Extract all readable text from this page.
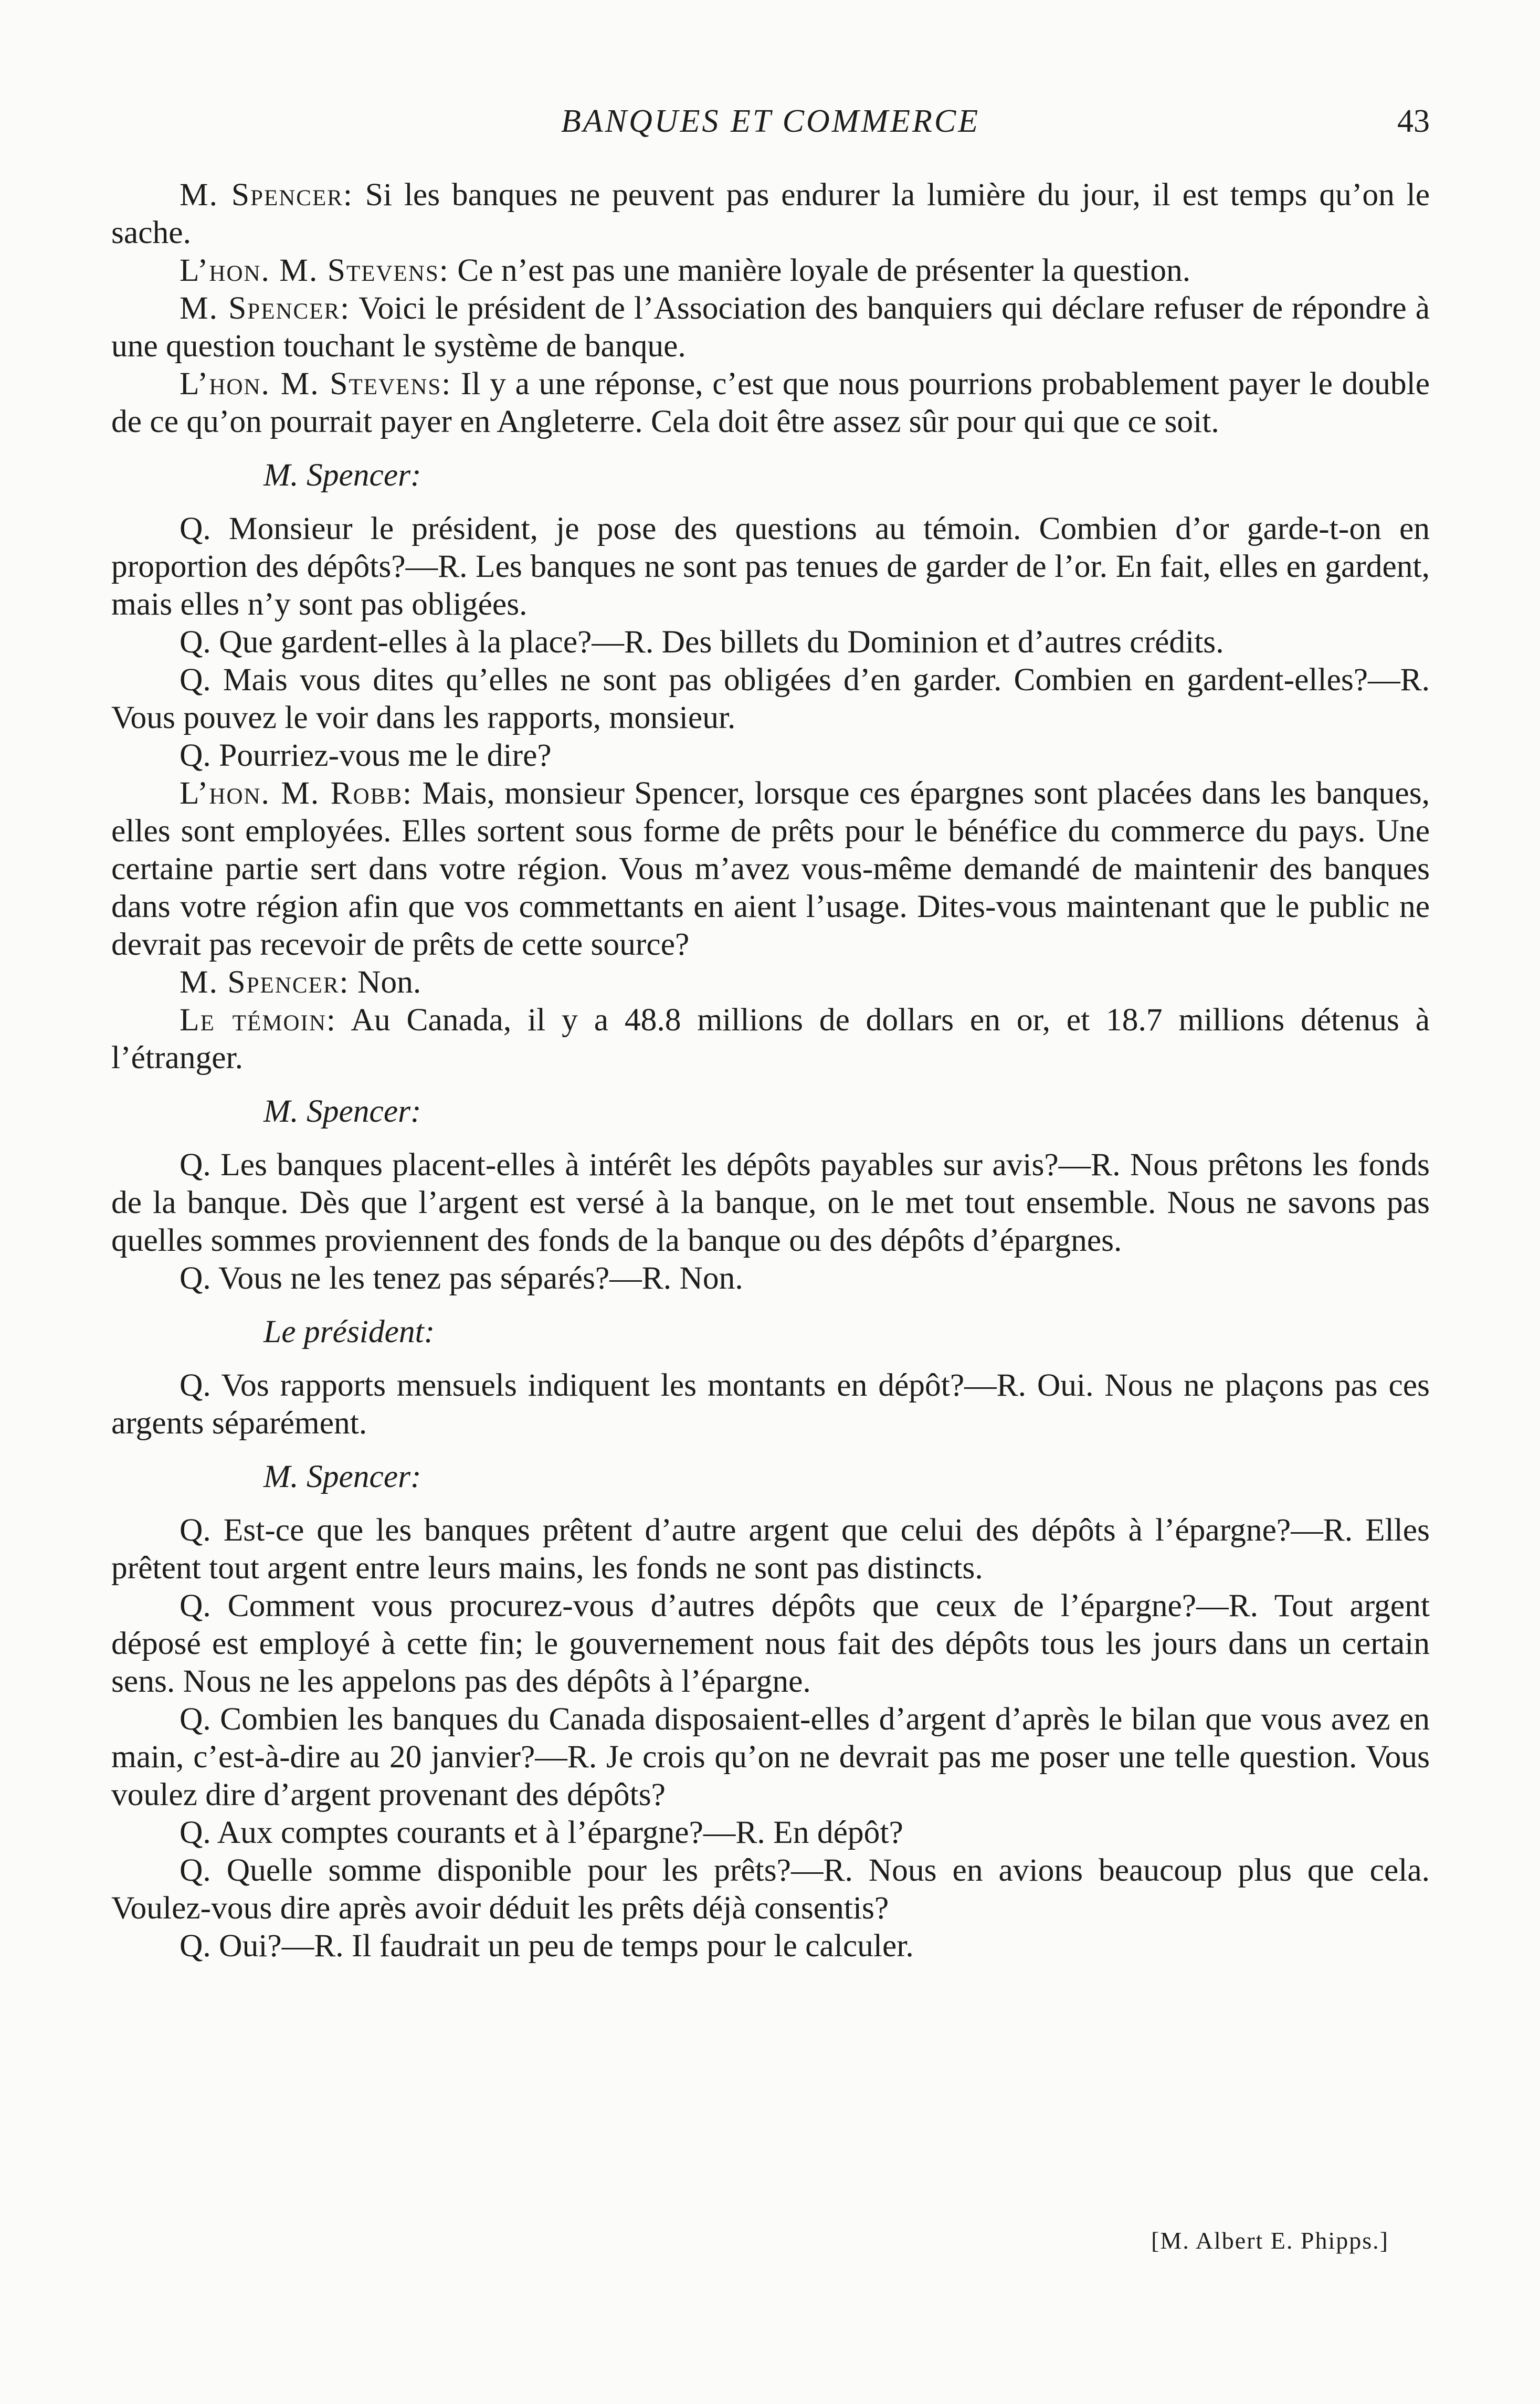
BANQUES ET COMMERCE	43

M. Spencer: Si les banques ne peuvent pas endurer la lumière du jour, il est temps qu’on le sache.

L’hon. M. Stevens: Ce n’est pas une manière loyale de présenter la question.

M. Spencer: Voici le président de l’Association des banquiers qui déclare refuser de répondre à une question touchant le système de banque.

L’hon. M. Stevens: Il y a une réponse, c’est que nous pourrions probablement payer le double de ce qu’on pourrait payer en Angleterre. Cela doit être assez sûr pour qui que ce soit.

M. Spencer:

Q. Monsieur le président, je pose des questions au témoin. Combien d’or garde-t-on en proportion des dépôts?—R. Les banques ne sont pas tenues de garder de l’or. En fait, elles en gardent, mais elles n’y sont pas obligées.

Q. Que gardent-elles à la place?—R. Des billets du Dominion et d’autres crédits.

Q. Mais vous dites qu’elles ne sont pas obligées d’en garder. Combien en gardent-elles?—R. Vous pouvez le voir dans les rapports, monsieur.

Q. Pourriez-vous me le dire?

L’hon. M. Robb: Mais, monsieur Spencer, lorsque ces épargnes sont placées dans les banques, elles sont employées. Elles sortent sous forme de prêts pour le bénéfice du commerce du pays. Une certaine partie sert dans votre région. Vous m’avez vous-même demandé de maintenir des banques dans votre région afin que vos commettants en aient l’usage. Dites-vous maintenant que le public ne devrait pas recevoir de prêts de cette source?

M. Spencer: Non.

Le témoin: Au Canada, il y a 48.8 millions de dollars en or, et 18.7 millions détenus à l’étranger.

M. Spencer:

Q. Les banques placent-elles à intérêt les dépôts payables sur avis?—R. Nous prêtons les fonds de la banque. Dès que l’argent est versé à la banque, on le met tout ensemble. Nous ne savons pas quelles sommes proviennent des fonds de la banque ou des dépôts d’épargnes.

Q. Vous ne les tenez pas séparés?—R. Non.

Le président:

Q. Vos rapports mensuels indiquent les montants en dépôt?—R. Oui. Nous ne plaçons pas ces argents séparément.

M. Spencer:

Q. Est-ce que les banques prêtent d’autre argent que celui des dépôts à l’épargne?—R. Elles prêtent tout argent entre leurs mains, les fonds ne sont pas distincts.

Q. Comment vous procurez-vous d’autres dépôts que ceux de l’épargne?—R. Tout argent déposé est employé à cette fin; le gouvernement nous fait des dépôts tous les jours dans un certain sens. Nous ne les appelons pas des dépôts à l’épargne.

Q. Combien les banques du Canada disposaient-elles d’argent d’après le bilan que vous avez en main, c’est-à-dire au 20 janvier?—R. Je crois qu’on ne devrait pas me poser une telle question. Vous voulez dire d’argent provenant des dépôts?

Q. Aux comptes courants et à l’épargne?—R. En dépôt?

Q. Quelle somme disponible pour les prêts?—R. Nous en avions beaucoup plus que cela. Voulez-vous dire après avoir déduit les prêts déjà consentis?

Q. Oui?—R. Il faudrait un peu de temps pour le calculer.

[M. Albert E. Phipps.]
